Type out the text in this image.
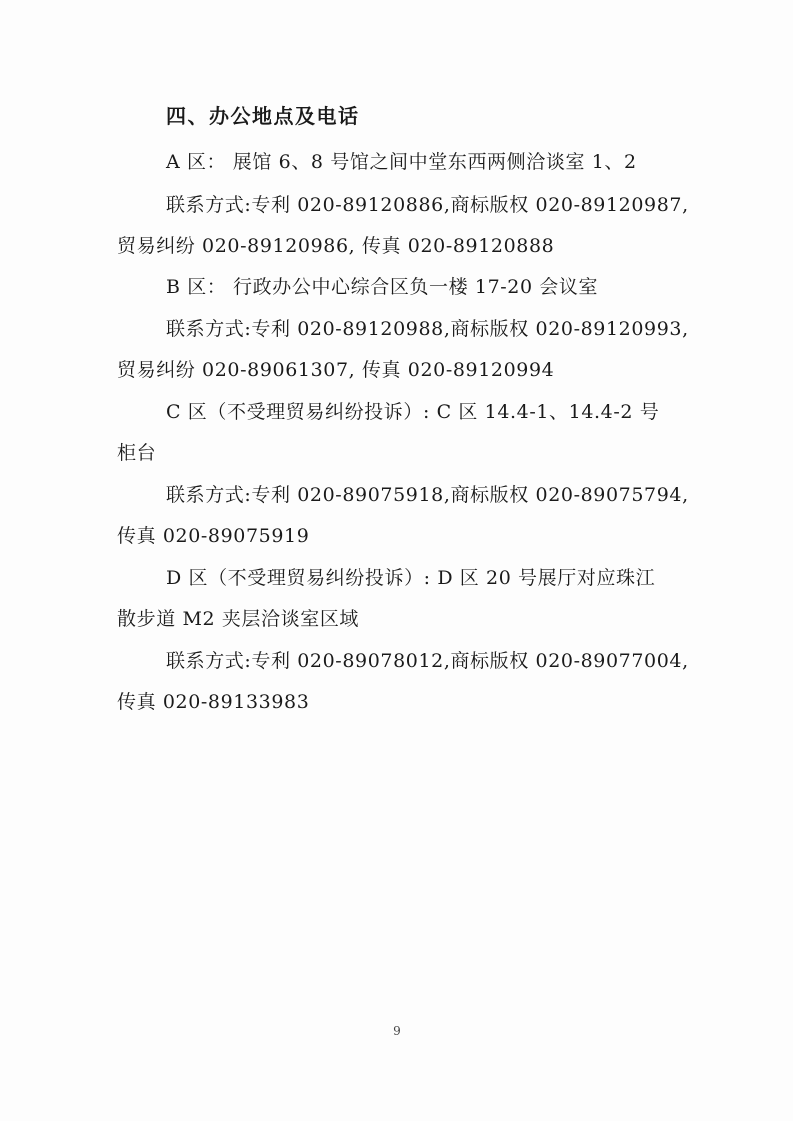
四、办公地点及电话
A 区： 展馆 6、8 号馆之间中堂东西两侧洽谈室 1、2
联系方式:专利 020-89120886,商标版权 020-89120987,
贸易纠纷 020-89120986, 传真 020-89120888
B 区： 行政办公中心综合区负一楼 17-20 会议室
联系方式:专利 020-89120988,商标版权 020-89120993,
贸易纠纷 020-89061307, 传真 020-89120994
C 区（不受理贸易纠纷投诉）: C 区 14.4-1、14.4-2 号
柜台
联系方式:专利 020-89075918,商标版权 020-89075794,
传真 020-89075919
D 区（不受理贸易纠纷投诉）: D 区 20 号展厅对应珠江
散步道 M2 夹层洽谈室区域
联系方式:专利 020-89078012,商标版权 020-89077004,
传真 020-89133983
9
